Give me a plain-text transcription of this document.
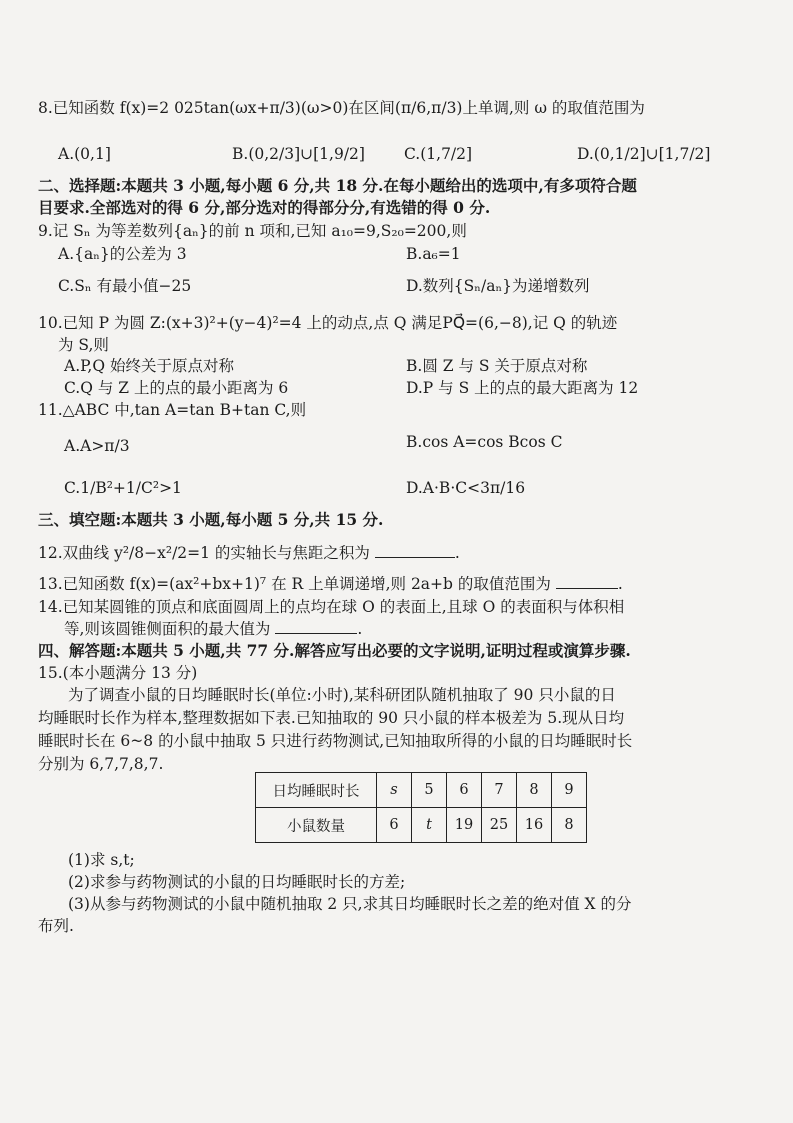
8.已知函数 f(x)=2 025tan(ωx+π/3)(ω>0)在区间(π/6,π/3)上单调,则 ω 的取值范围为
A.(0,1]	B.(0,2/3]∪[1,9/2]	C.(1,7/2]	D.(0,1/2]∪[1,7/2]
二、选择题:本题共 3 小题,每小题 6 分,共 18 分.在每小题给出的选项中,有多项符合题
目要求.全部选对的得 6 分,部分选对的得部分分,有选错的得 0 分.
9.记 Sₙ 为等差数列{aₙ}的前 n 项和,已知 a₁₀=9,S₂₀=200,则
A.{aₙ}的公差为 3	B.a₆=1
C.Sₙ 有最小值−25	D.数列{Sₙ/aₙ}为递增数列
10.已知 P 为圆 Z:(x+3)²+(y−4)²=4 上的动点,点 Q 满足PQ⃗=(6,−8),记 Q 的轨迹
为 S,则
A.P,Q 始终关于原点对称	B.圆 Z 与 S 关于原点对称
C.Q 与 Z 上的点的最小距离为 6	D.P 与 S 上的点的最大距离为 12
11.△ABC 中,tan A=tan B+tan C,则
A.A>π/3	B.cos A=cos Bcos C
C.1/B²+1/C²>1	D.A·B·C<3π/16
三、填空题:本题共 3 小题,每小题 5 分,共 15 分.
12.双曲线 y²/8−x²/2=1 的实轴长与焦距之积为	.
13.已知函数 f(x)=(ax²+bx+1)⁷ 在 R 上单调递增,则 2a+b 的取值范围为	.
14.已知某圆锥的顶点和底面圆周上的点均在球 O 的表面上,且球 O 的表面积与体积相
等,则该圆锥侧面积的最大值为	.
四、解答题:本题共 5 小题,共 77 分.解答应写出必要的文字说明,证明过程或演算步骤.
15.(本小题满分 13 分)
为了调查小鼠的日均睡眠时长(单位:小时),某科研团队随机抽取了 90 只小鼠的日
均睡眠时长作为样本,整理数据如下表.已知抽取的 90 只小鼠的样本极差为 5.现从日均
睡眠时长在 6~8 的小鼠中抽取 5 只进行药物测试,已知抽取所得的小鼠的日均睡眠时长
分别为 6,7,7,8,7.
日均睡眠时长	s	5	6	7	8	9
小鼠数量	6	t	19	25	16	8
(1)求 s,t;
(2)求参与药物测试的小鼠的日均睡眠时长的方差;
(3)从参与药物测试的小鼠中随机抽取 2 只,求其日均睡眠时长之差的绝对值 X 的分
布列.
